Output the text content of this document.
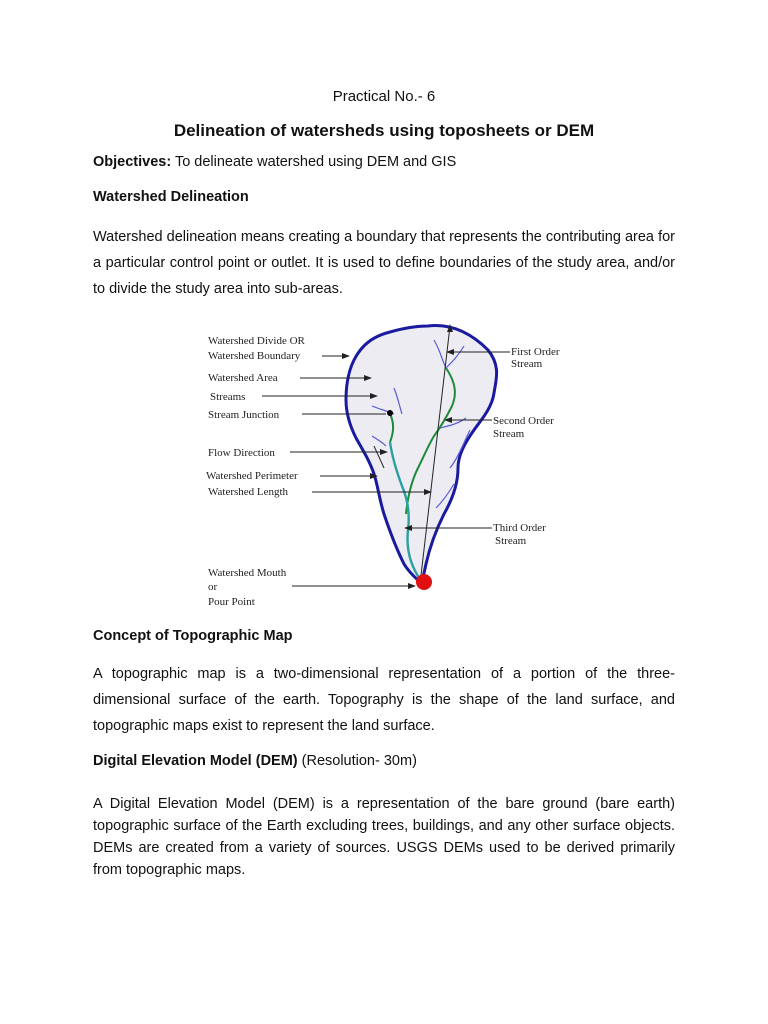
Practical No.- 6
Delineation of watersheds using toposheets or DEM
Objectives: To delineate watershed using DEM and GIS
Watershed Delineation
Watershed delineation means creating a boundary that represents the contributing area for a particular control point or outlet. It is used to define boundaries of the study area, and/or to divide the study area into sub-areas.
Watershed Divide OR
Watershed Boundary
Watershed Area
Streams
Stream Junction
Flow Direction
Watershed Perimeter
Watershed Length
Watershed Mouth
or
Pour Point
First Order
Stream
Second Order
Stream
Third Order
Stream
Concept of Topographic Map
A topographic map is a two-dimensional representation of a portion of the three-dimensional surface of the earth. Topography is the shape of the land surface, and topographic maps exist to represent the land surface.
Digital Elevation Model (DEM) (Resolution- 30m)
A Digital Elevation Model (DEM) is a representation of the bare ground (bare earth) topographic surface of the Earth excluding trees, buildings, and any other surface objects. DEMs are created from a variety of sources. USGS DEMs used to be derived primarily from topographic maps.
